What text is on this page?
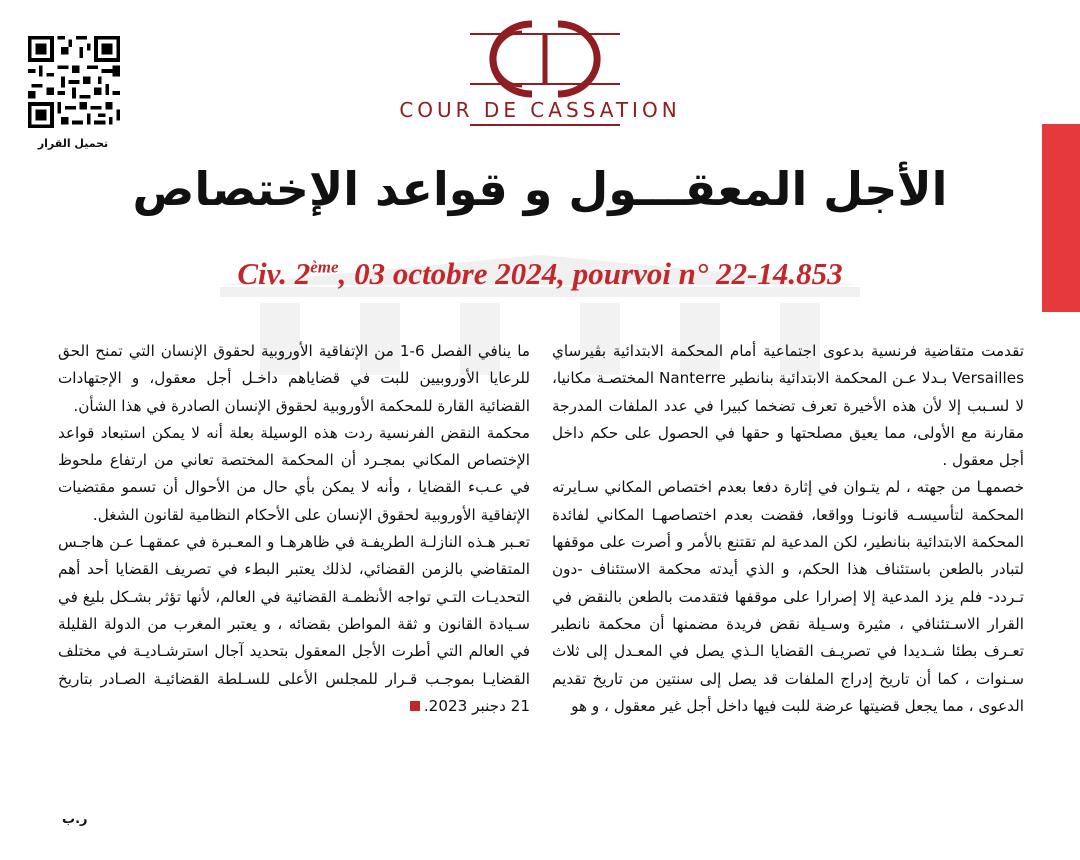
تحميل القرار
COUR DE CASSATION
الأجل المعقـــول و قواعد الإختصاص
Civ. 2ème, 03 octobre 2024, pourvoi n° 22-14.853

تقدمت متقاضية فرنسية بدعوى اجتماعية أمام المحكمة الابتدائية بڤيرساي Versailles بـدلا عـن المحكمة الابتدائية بنانطير Nanterre المختصـة مكانيا، لا لسـبب إلا لأن هذه الأخيرة تعرف تضخما كبيرا في عدد الملفات المدرجة مقارنة مع الأولى، مما يعيق مصلحتها و حقها في الحصول على حكم داخل أجل معقول .

خصمهـا من جهته ، لم يتـوان في إثارة دفعا بعدم اختصاص المكاني سـايرته المحكمة لتأسيسـه قانونـا وواقعا، فقضت بعدم اختصاصهـا المكاني لفائدة المحكمة الابتدائية بنانطير، لكن المدعية لم تقتنع بالأمر و أصرت على موقفها لتبادر بالطعن باستئناف هذا الحكم، و الذي أيدته محكمة الاستئناف -دون تـردد- فلم يزد المدعية إلا إصرارا على موقفها فتقدمت بالطعن بالنقض في القرار الاسـتئنافي ، مثيرة وسـيلة نقض فريدة مضمنها أن محكمة نانطير تعـرف بطئا شـديدا في تصريـف القضايا الـذي يصل في المعـدل إلى ثلاث سـنوات ، كما أن تاريخ إدراج الملفات قد يصل إلى سنتين من تاريخ تقديم الدعوى ، مما يجعل قضيتها عرضة للبت فيها داخل أجل غير معقول ، و هو

ما ينافي الفصل 6-1 من الإتفاقية الأوروبية لحقوق الإنسان التي تمنح الحق للرعايا الأوروبيين للبت في قضاياهم داخـل أجل معقول، و الإجتهادات القضائية القارة للمحكمة الأوروبية لحقوق الإنسان الصادرة في هذا الشأن.

محكمة النقض الفرنسية ردت هذه الوسيلة بعلة أنه لا يمكن استبعاد قواعد الإختصاص المكاني بمجـرد أن المحكمة المختصة تعاني من ارتفاع ملحوظ في عـبء القضايا ، وأنه لا يمكن بأي حال من الأحوال أن تسمو مقتضيات الإتفاقية الأوروبية لحقوق الإنسان على الأحكام النظامية لقانون الشغل.

تعـبر هـذه النازلـة الطريفـة في ظاهرهـا و المعـبرة في عمقهـا عـن هاجـس المتقاضي بالزمن القضائي، لذلك يعتبر البطء في تصريف القضايا أحد أهم التحديـات التـي تواجه الأنظمـة القضائية في العالم، لأنها تؤثر بشـكل بليغ في سـيادة القانون و ثقة المواطن بقضائه ، و يعتبر المغرب من الدولة القليلة في العالم التي أطرت الأجل المعقول بتحديد آجال استرشـاديـة في مختلف القضايـا بموجـب قـرار للمجلس الأعلى للسـلطة القضائيـة الصـادر بتاريخ 21 دجنبر 2023.

ر.ب
